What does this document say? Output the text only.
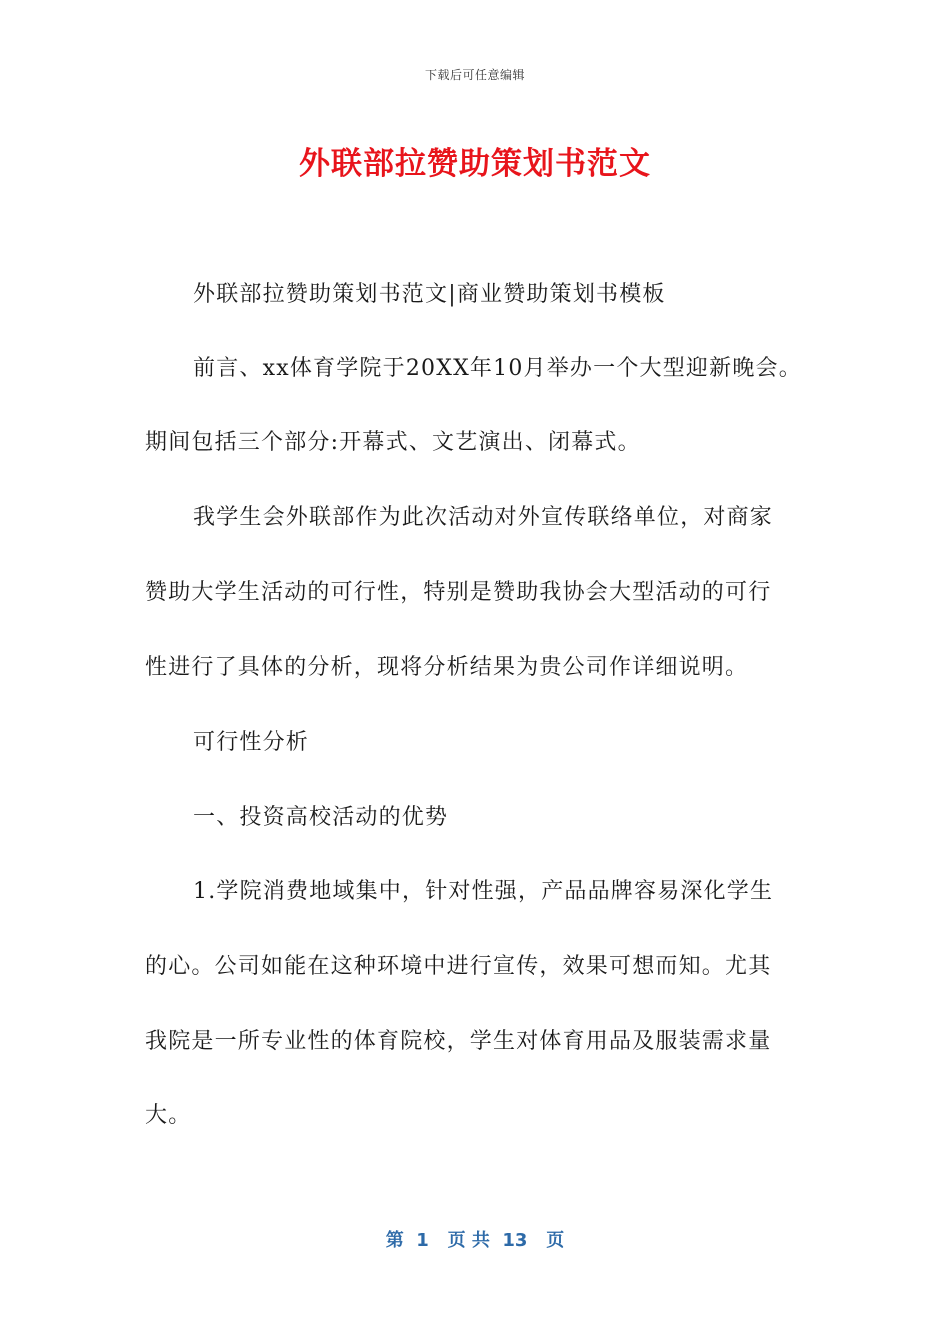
下载后可任意编辑
外联部拉赞助策划书范文
外联部拉赞助策划书范文|商业赞助策划书模板
前言、xx体育学院于20XX年10月举办一个大型迎新晚会。
期间包括三个部分:开幕式、文艺演出、闭幕式。
我学生会外联部作为此次活动对外宣传联络单位，对商家
赞助大学生活动的可行性，特别是赞助我协会大型活动的可行
性进行了具体的分析，现将分析结果为贵公司作详细说明。
可行性分析
一、投资高校活动的优势
1.学院消费地域集中，针对性强，产品品牌容易深化学生
的心。公司如能在这种环境中进行宣传，效果可想而知。尤其
我院是一所专业性的体育院校，学生对体育用品及服装需求量
大。
第  1   页 共  13   页
